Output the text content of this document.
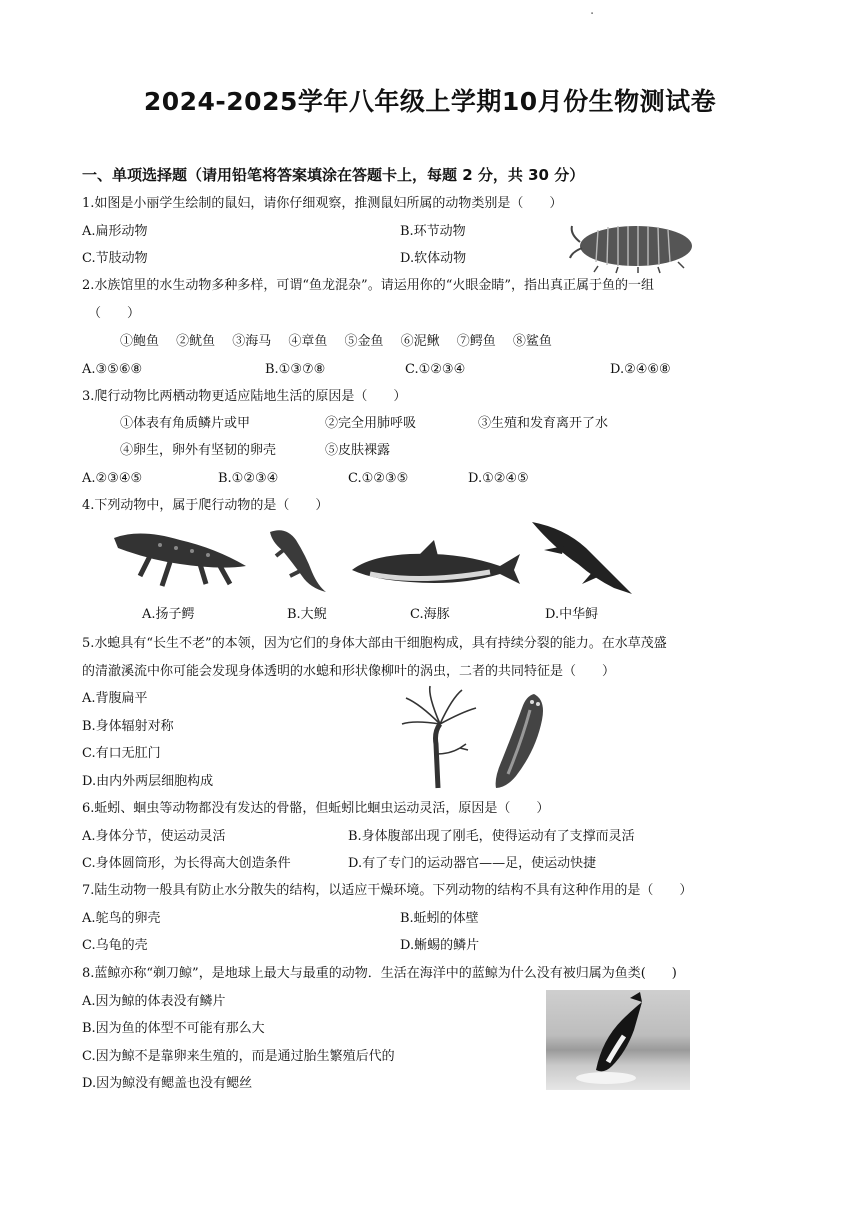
.
2024-2025学年八年级上学期10月份生物测试卷
一、单项选择题（请用铅笔将答案填涂在答题卡上，每题 2 分，共 30 分）
1.如图是小丽学生绘制的鼠妇，请你仔细观察，推测鼠妇所属的动物类别是（　　）
A.扁形动物	B.环节动物
C.节肢动物	D.软体动物
2.水族馆里的水生动物多种多样，可谓“鱼龙混杂”。请运用你的“火眼金睛”，指出真正属于鱼的一组
（　　）
①鲍鱼　 ②鱿鱼　 ③海马　 ④章鱼　 ⑤金鱼　 ⑥泥鳅　 ⑦鳄鱼　 ⑧鲨鱼
A.③⑤⑥⑧	B.①③⑦⑧	C.①②③④	D.②④⑥⑧
3.爬行动物比两栖动物更适应陆地生活的原因是（　　）
①体表有角质鳞片或甲	②完全用肺呼吸	③生殖和发育离开了水
④卵生，卵外有坚韧的卵壳	⑤皮肤裸露
A.②③④⑤	B.①②③④	C.①②③⑤	D.①②④⑤
4.下列动物中，属于爬行动物的是（　　）
A.扬子鳄	B.大鲵	C.海豚	D.中华鲟
5.水螅具有“长生不老”的本领，因为它们的身体大部由干细胞构成，具有持续分裂的能力。在水草茂盛
的清澈溪流中你可能会发现身体透明的水螅和形状像柳叶的涡虫，二者的共同特征是（　　）
A.背腹扁平
B.身体辐射对称
C.有口无肛门
D.由内外两层细胞构成
6.蚯蚓、蛔虫等动物都没有发达的骨骼，但蚯蚓比蛔虫运动灵活，原因是（　　）
A.身体分节，使运动灵活	B.身体腹部出现了刚毛，使得运动有了支撑而灵活
C.身体圆筒形，为长得高大创造条件	D.有了专门的运动器官——足，使运动快捷
7.陆生动物一般具有防止水分散失的结构，以适应干燥环境。下列动物的结构不具有这种作用的是（　　）
A.鸵鸟的卵壳	B.蚯蚓的体壁
C.乌龟的壳	D.蜥蜴的鳞片
8.蓝鲸亦称“剃刀鲸”，是地球上最大与最重的动物．生活在海洋中的蓝鲸为什么没有被归属为鱼类(　　)
A.因为鲸的体表没有鳞片
B.因为鱼的体型不可能有那么大
C.因为鲸不是靠卵来生殖的，而是通过胎生繁殖后代的
D.因为鲸没有鳃盖也没有鳃丝
